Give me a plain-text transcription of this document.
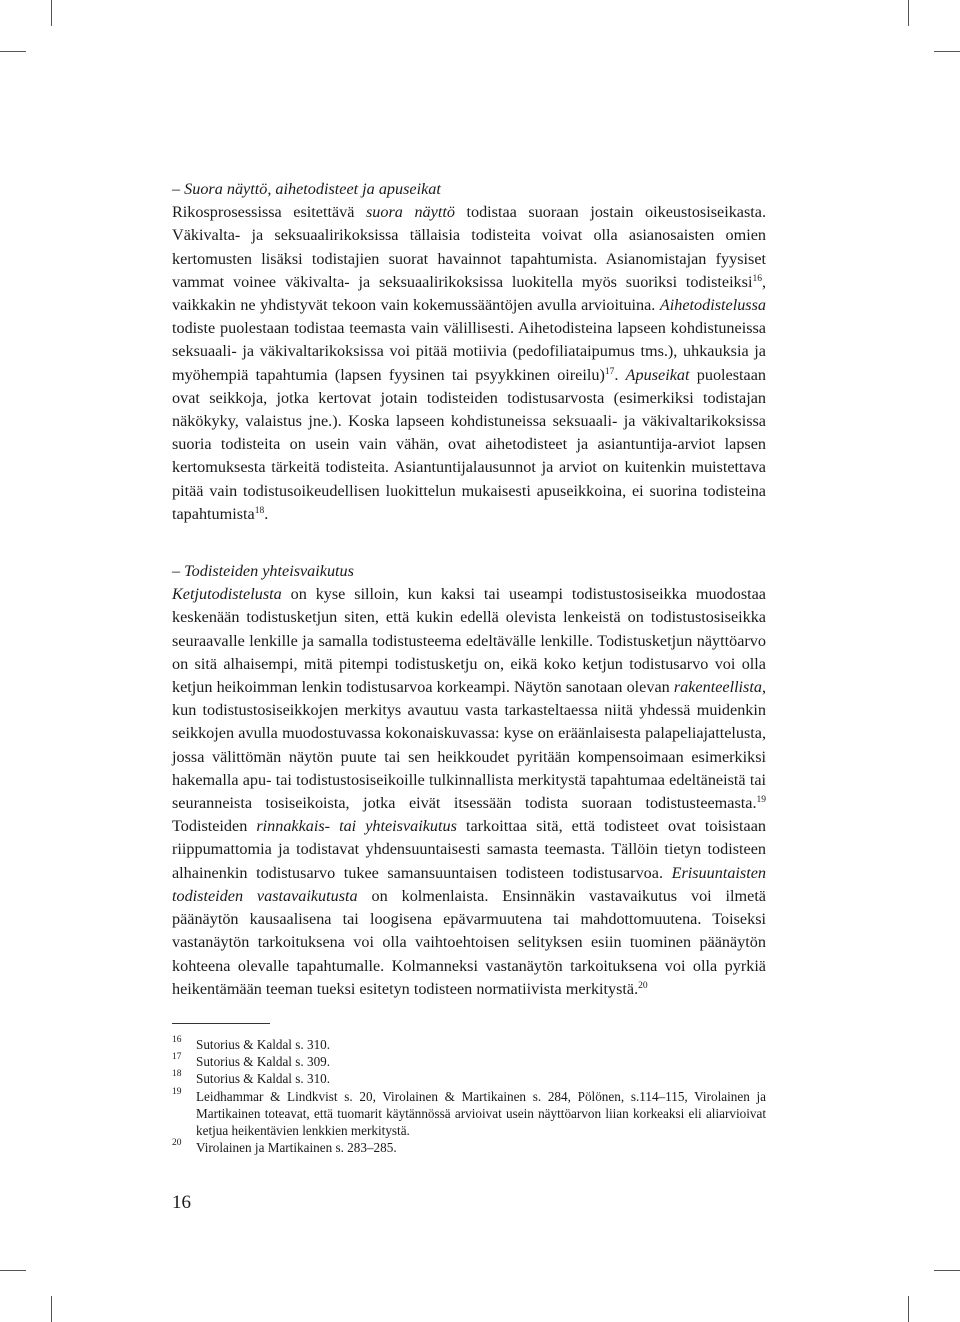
– Suora näyttö, aihetodisteet ja apuseikat

Rikosprosessissa esitettävä suora näyttö todistaa suoraan jostain oikeustosiseikasta. Väkivalta- ja seksuaalirikoksissa tällaisia todisteita voivat olla asianosaisten omien kertomusten lisäksi todistajien suorat havainnot tapahtumista. Asianomistajan fyysiset vammat voinee väkivalta- ja seksuaalirikoksissa luokitella myös suoriksi todisteiksi$^{16}$, vaikkakin ne yhdistyvät tekoon vain kokemussääntöjen avulla arvioituina. Aihetodistelussa todiste puolestaan todistaa teemasta vain välillisesti. Aihetodisteina lapseen kohdistuneissa seksuaali- ja väkivaltarikoksissa voi pitää motiivia (pedofiliataipumus tms.), uhkauksia ja myöhempiä tapahtumia (lapsen fyysinen tai psyykkinen oireilu)$^{17}$. Apuseikat puolestaan ovat seikkoja, jotka kertovat jotain todisteiden todistusarvosta (esimerkiksi todistajan näkökyky, valaistus jne.). Koska lapseen kohdistuneissa seksuaali- ja väkivaltarikoksissa suoria todisteita on usein vain vähän, ovat aihetodisteet ja asiantuntija-arviot lapsen kertomuksesta tärkeitä todisteita. Asiantuntijalausunnot ja arviot on kuitenkin muistettava pitää vain todistusoikeudellisen luokittelun mukaisesti apuseikkoina, ei suorina todisteina tapahtumista$^{18}$.

– Todisteiden yhteisvaikutus

Ketjutodistelusta on kyse silloin, kun kaksi tai useampi todistustosiseikka muodostaa keskenään todistusketjun siten, että kukin edellä olevista lenkeistä on todistustosiseikka seuraavalle lenkille ja samalla todistusteema edeltävälle lenkille. Todistusketjun näyttöarvo on sitä alhaisempi, mitä pitempi todistusketju on, eikä koko ketjun todistusarvo voi olla ketjun heikoimman lenkin todistusarvoa korkeampi. Näytön sanotaan olevan rakenteellista, kun todistustosiseikkojen merkitys avautuu vasta tarkasteltaessa niitä yhdessä muidenkin seikkojen avulla muodostuvassa kokonaiskuvassa: kyse on eräänlaisesta palapeliajattelusta, jossa välittömän näytön puute tai sen heikkoudet pyritään kompensoimaan esimerkiksi hakemalla apu- tai todistustosiseikoille tulkinnallista merkitystä tapahtumaa edeltäneistä tai seuranneista tosiseikoista, jotka eivät itsessään todista suoraan todistusteemasta.$^{19}$ Todisteiden rinnakkais- tai yhteisvaikutus tarkoittaa sitä, että todisteet ovat toisistaan riippumattomia ja todistavat yhdensuuntaisesti samasta teemasta. Tällöin tietyn todisteen alhainenkin todistusarvo tukee samansuuntaisen todisteen todistusarvoa. Erisuuntaisten todisteiden vastavaikutusta on kolmenlaista. Ensinnäkin vastavaikutus voi ilmetä päänäytön kausaalisena tai loogisena epävarmuutena tai mahdottomuutena. Toiseksi vastanäytön tarkoituksena voi olla vaihtoehtoisen selityksen esiin tuominen päänäytön kohteena olevalle tapahtumalle. Kolmanneksi vastanäytön tarkoituksena voi olla pyrkiä heikentämään teeman tueksi esitetyn todisteen normatiivista merkitystä.$^{20}$

16 Sutorius & Kaldal s. 310.
17 Sutorius & Kaldal s. 309.
18 Sutorius & Kaldal s. 310.
19 Leidhammar & Lindkvist s. 20, Virolainen & Martikainen s. 284, Pölönen, s.114–115, Virolainen ja Martikainen toteavat, että tuomarit käytännössä arvioivat usein näyttöarvon liian korkeaksi eli aliarvioivat ketjua heikentävien lenkkien merkitystä.
20 Virolainen ja Martikainen s. 283–285.
16
